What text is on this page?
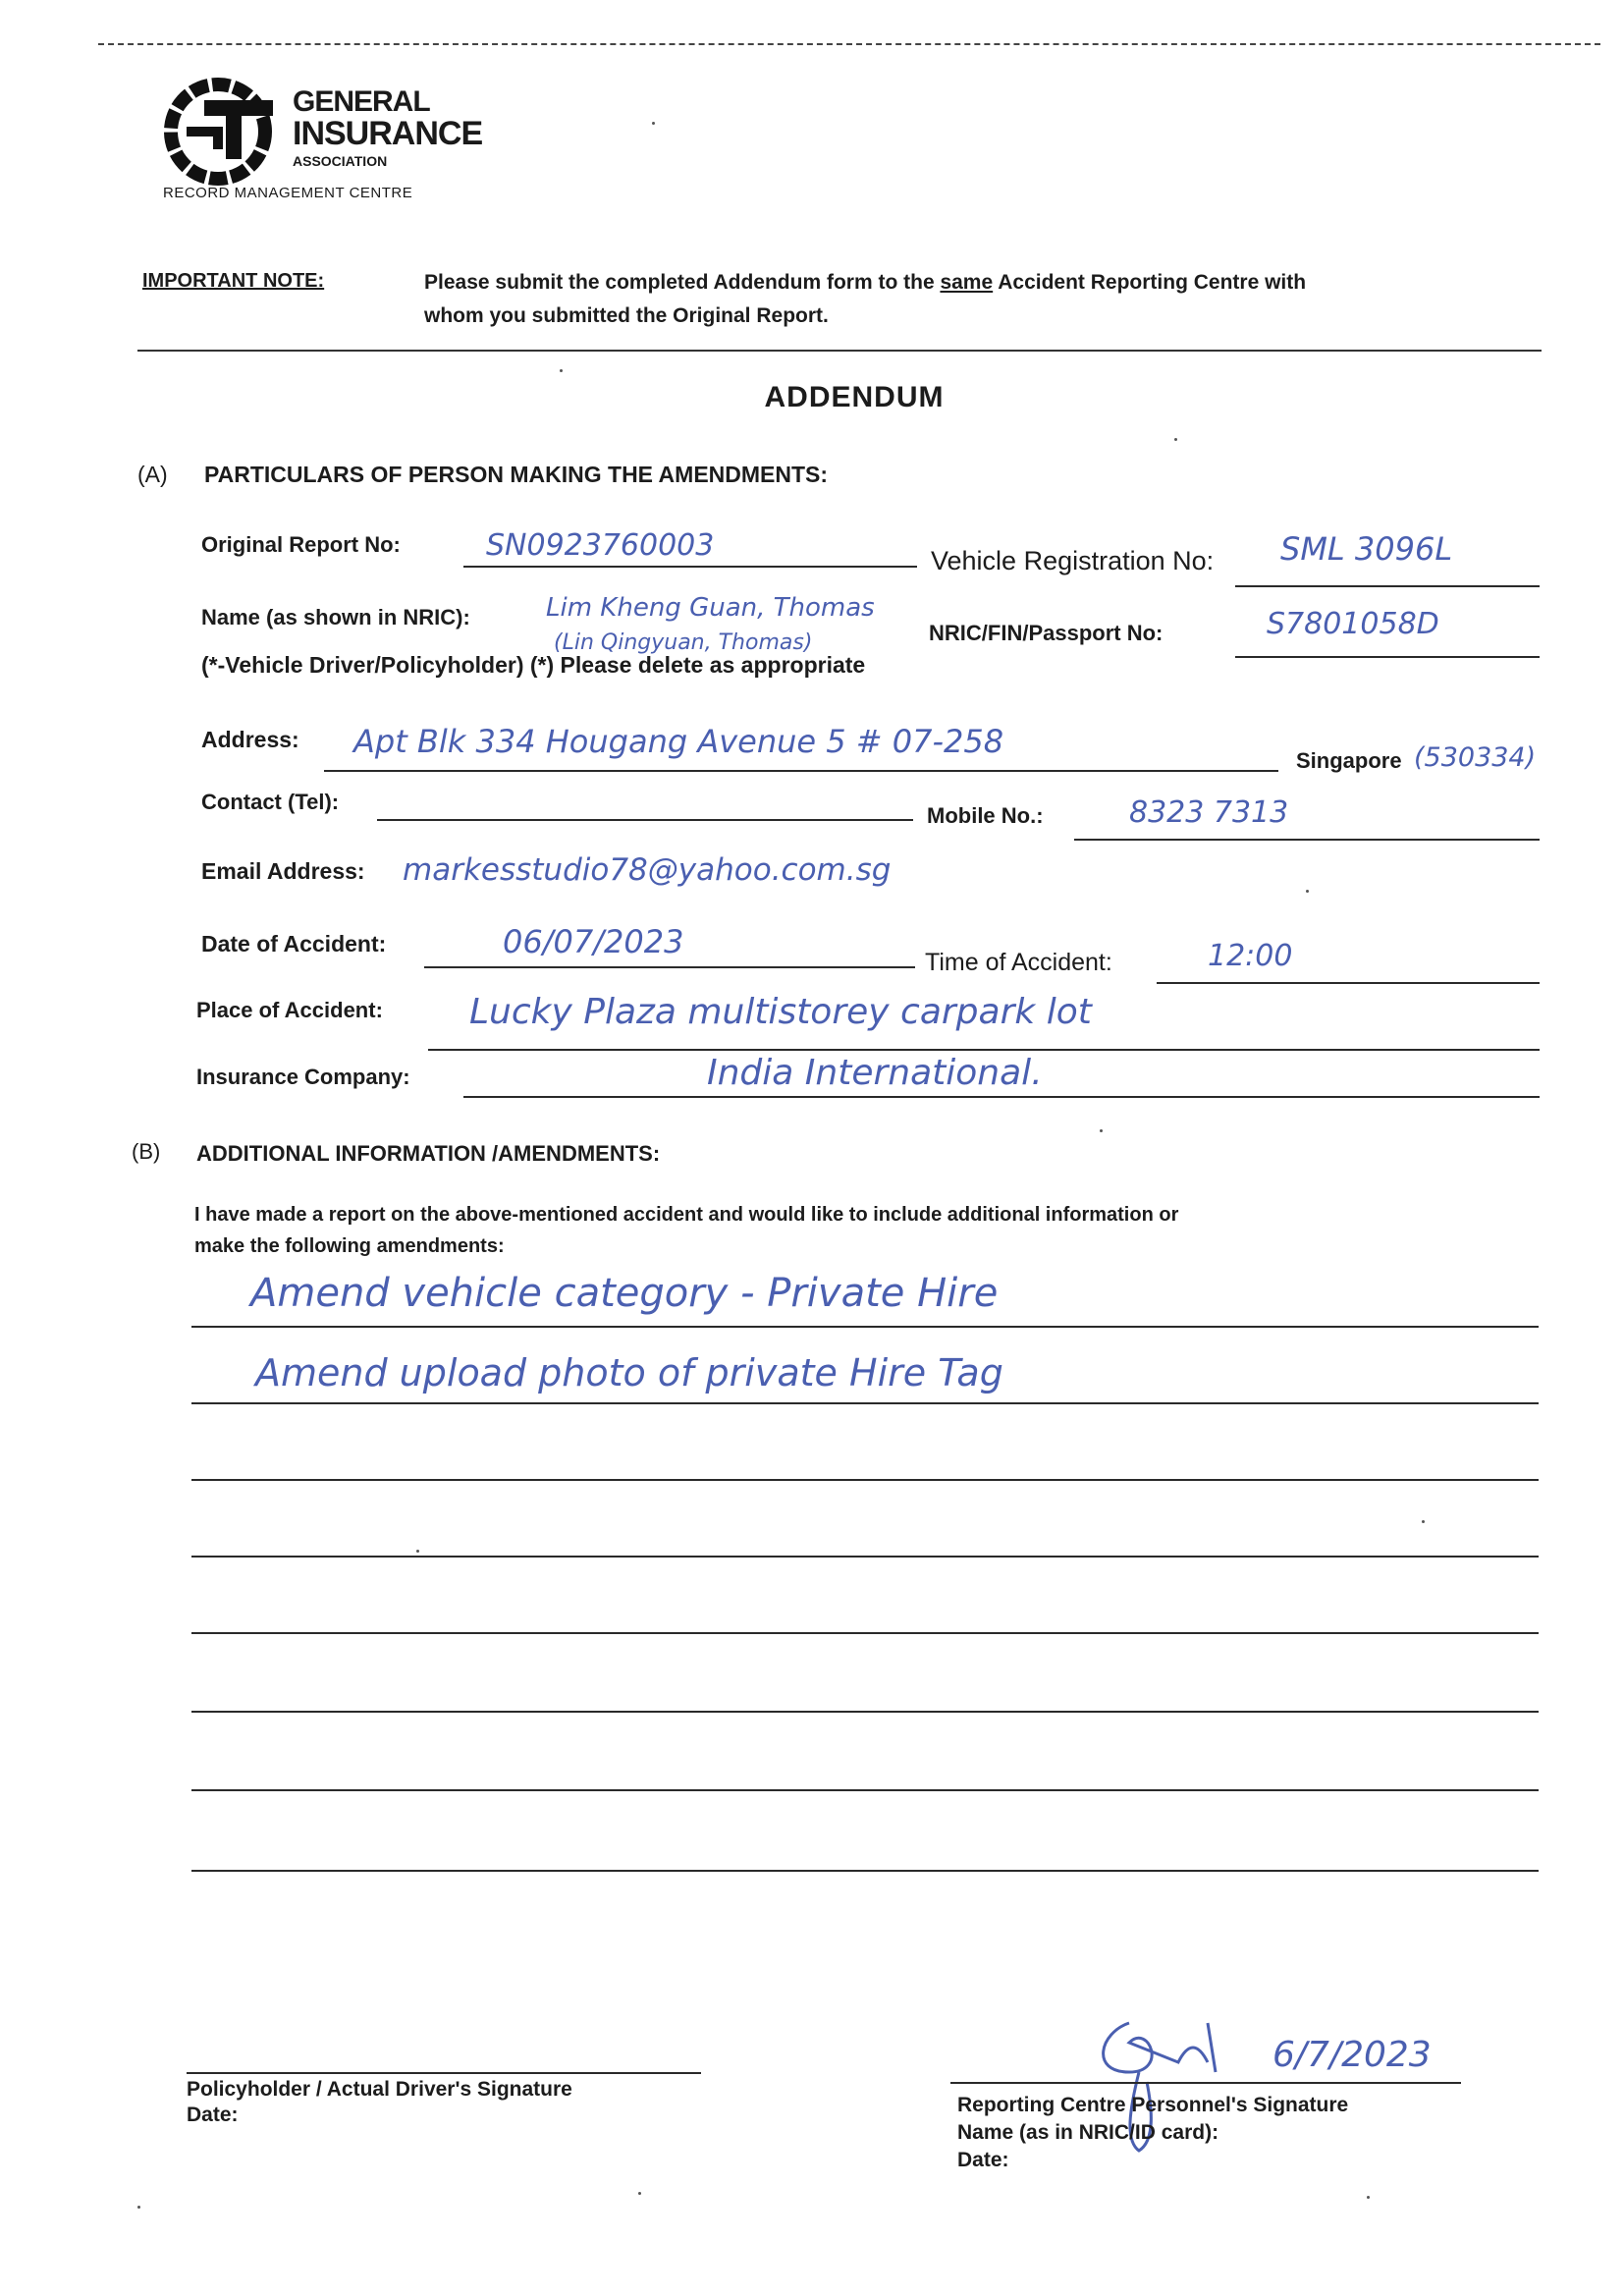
GENERAL
INSURANCE
ASSOCIATION
RECORD MANAGEMENT CENTRE
IMPORTANT NOTE:	Please submit the completed Addendum form to the same Accident Reporting Centre with
whom you submitted the Original Report.
ADDENDUM
(A) PARTICULARS OF PERSON MAKING THE AMENDMENTS:
Original Report No:	SN0923760003	Vehicle Registration No: SML 3096L
Name (as shown in NRIC):	Lim Kheng Guan, Thomas
(Lin Qingyuan, Thomas)	NRIC/FIN/Passport No:	S7801058D
(*-Vehicle Driver/Policyholder) (*) Please delete as appropriate
Address: Apt Blk 334 Hougang Avenue 5 # 07-258
Singapore (530334)
Contact (Tel):
Mobile No.:	8323 7313
Email Address: markesstudio78@yahoo.com.sg
Date of Accident:	06/07/2023
Time of Accident:	12:00
Place of Accident: Lucky Plaza multistorey carpark lot
Insurance Company:	India International.
(B) ADDITIONAL INFORMATION /AMENDMENTS:
I have made a report on the above-mentioned accident and would like to include additional information or
make the following amendments:
Amend vehicle category - Private Hire
Amend upload photo of private Hire Tag
Policyholder / Actual Driver's Signature
Date:
6/7/2023
Reporting Centre Personnel's Signature
Name (as in NRIC/ID card):
Date:
